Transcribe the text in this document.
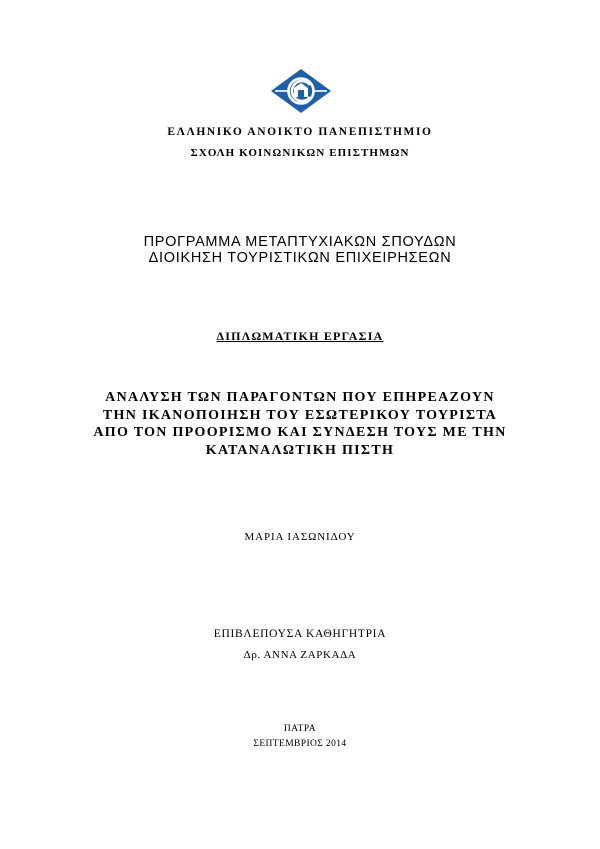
ΕΛΛΗΝΙΚΟ ΑΝΟΙΚΤΟ ΠΑΝΕΠΙΣΤΗΜΙΟ
ΣΧΟΛΗ ΚΟΙΝΩΝΙΚΩΝ ΕΠΙΣΤΗΜΩΝ
ΠΡΟΓΡΑΜΜΑ ΜΕΤΑΠΤΥΧΙΑΚΩΝ ΣΠΟΥΔΩΝ
ΔΙΟΙΚΗΣΗ ΤΟΥΡΙΣΤΙΚΩΝ ΕΠΙΧΕΙΡΗΣΕΩΝ
ΔΙΠΛΩΜΑΤΙΚΗ ΕΡΓΑΣΙΑ
ΑΝΑΛΥΣΗ ΤΩΝ ΠΑΡΑΓΟΝΤΩΝ ΠΟΥ ΕΠΗΡΕΑΖΟΥΝ
ΤΗΝ ΙΚΑΝΟΠΟΙΗΣΗ ΤΟΥ ΕΣΩΤΕΡΙΚΟΥ ΤΟΥΡΙΣΤΑ
ΑΠΟ ΤΟΝ ΠΡΟΟΡΙΣΜΟ ΚΑΙ ΣΥΝΔΕΣΗ ΤΟΥΣ ΜΕ ΤΗΝ
ΚΑΤΑΝΑΛΩΤΙΚΗ ΠΙΣΤΗ
ΜΑΡΙΑ ΙΑΣΩΝΙΔΟΥ
ΕΠΙΒΛΕΠΟΥΣΑ ΚΑΘΗΓΗΤΡΙΑ
Δρ. ΑΝΝΑ ΖΑΡΚΑΔΑ
ΠΑΤΡΑ
ΣΕΠΤΕΜΒΡΙΟΣ 2014
